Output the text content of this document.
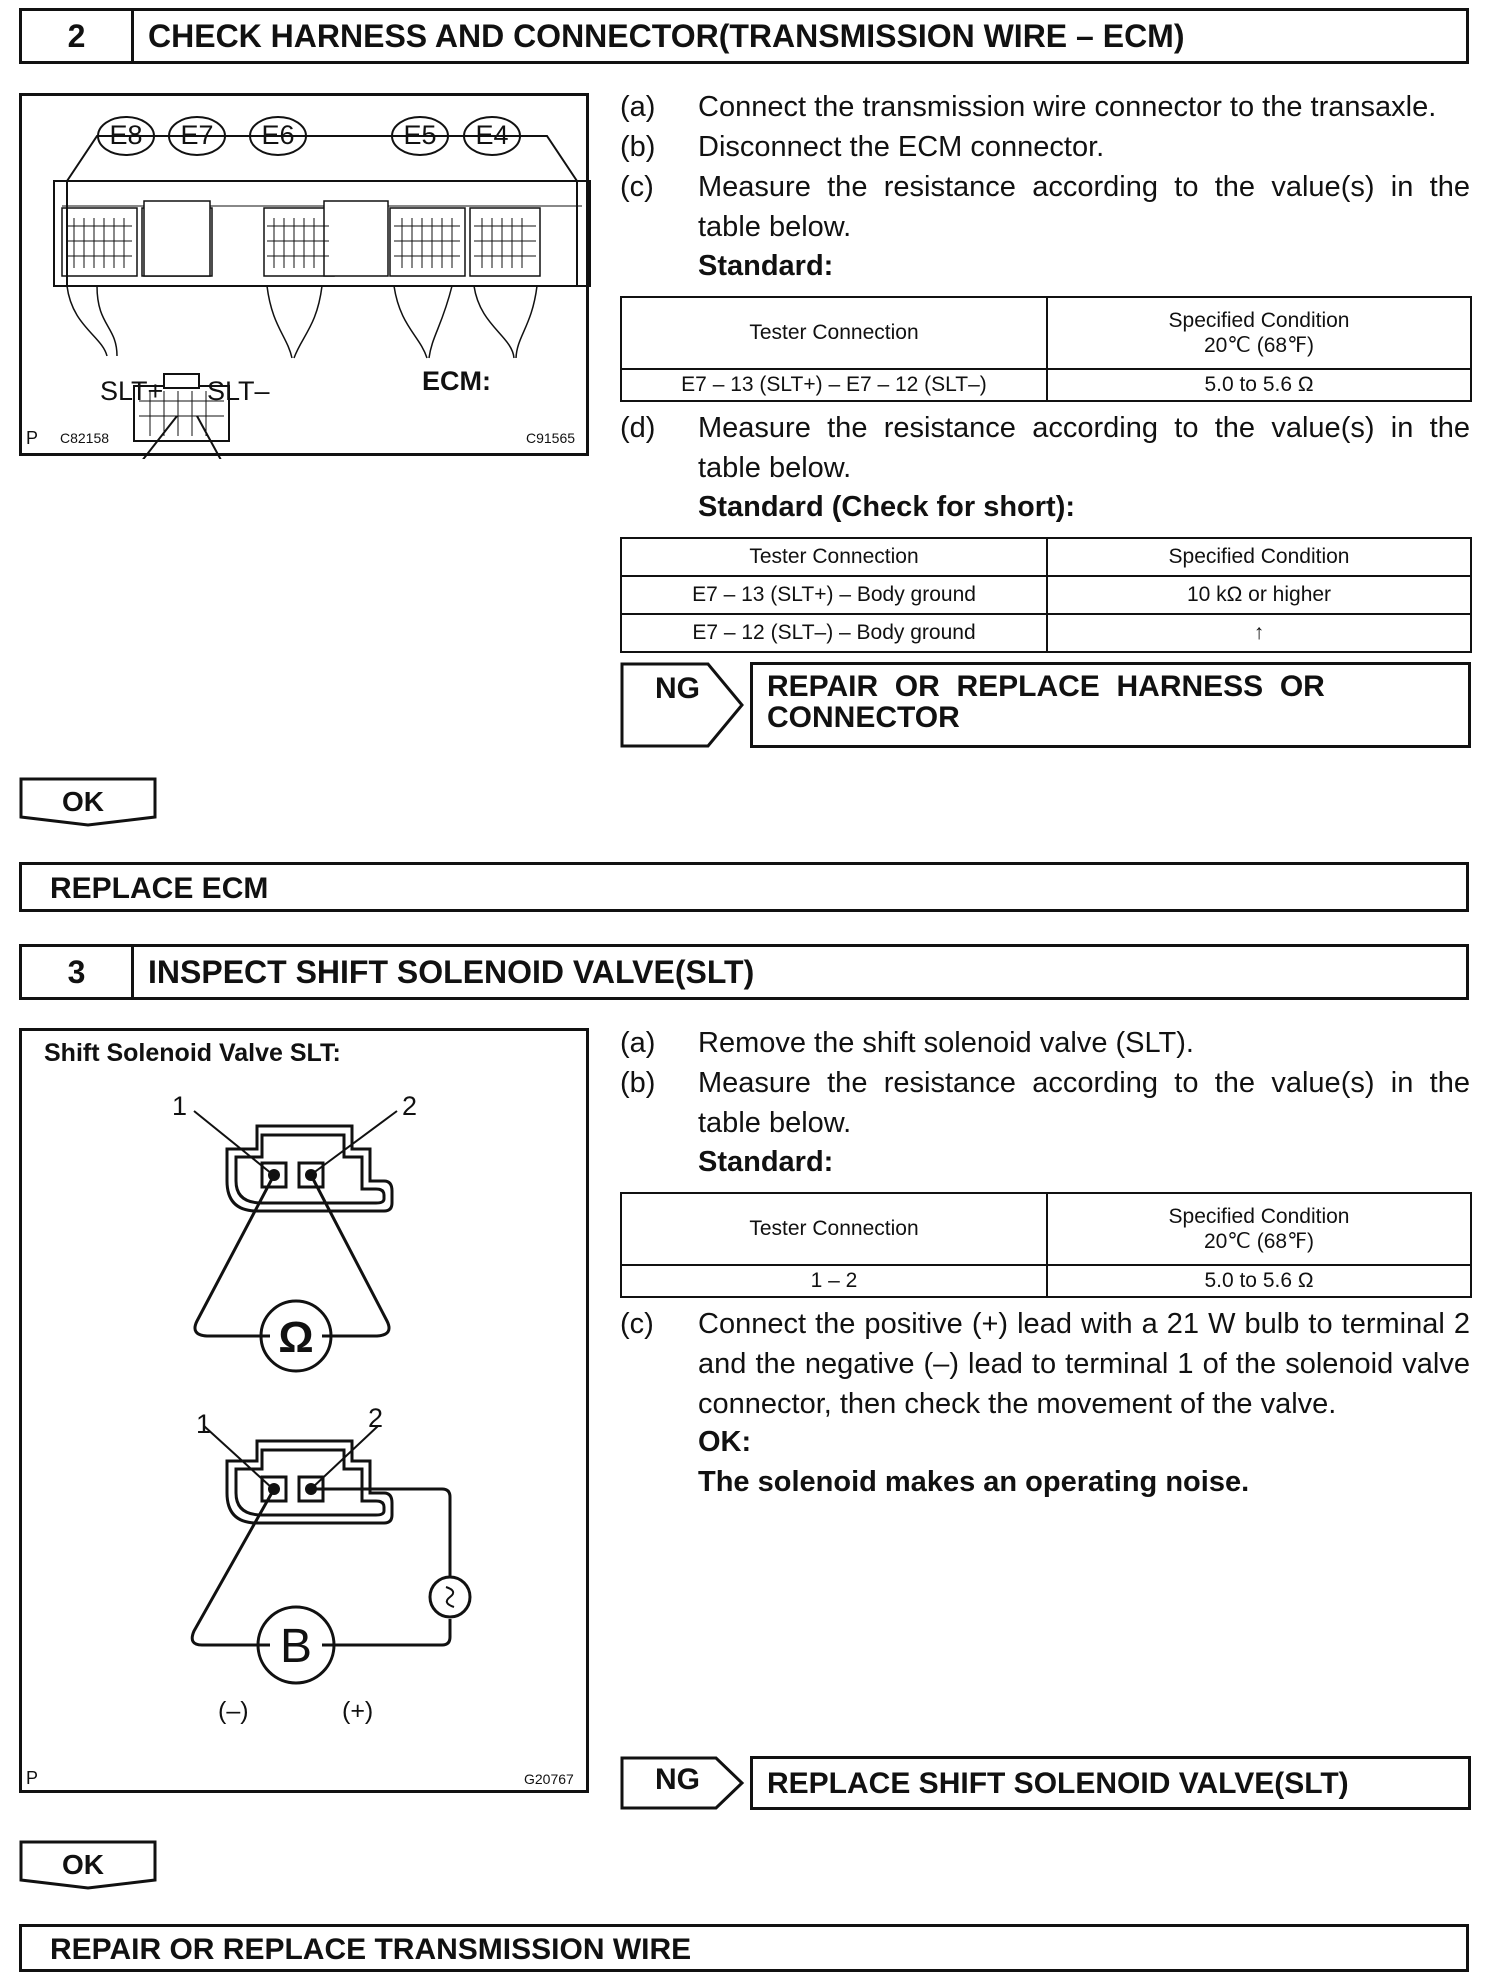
2	CHECK HARNESS AND CONNECTOR(TRANSMISSION WIRE – ECM)
E8 E7 E6	E5 E4
SLT+ SLT–	ECM:
P C82158	C91565
(a)	Connect the transmission wire connector to the transaxle.
(b)	Disconnect the ECM connector.
(c)	Measure the resistance according to the value(s) in the table below.
Standard:
Tester Connection	Specified Condition
20℃ (68℉)

E7 – 13 (SLT+) – E7 – 12 (SLT–)	5.0 to 5.6 Ω
(d)	Measure the resistance according to the value(s) in the table below.
Standard (Check for short):
Tester Connection	Specified Condition
E7 – 13 (SLT+) – Body ground	10 kΩ or higher
E7 – 12 (SLT–) – Body ground	↑
NG REPAIR  OR  REPLACE  HARNESS  OR
CONNECTOR
OK
REPLACE ECM
3	INSPECT SHIFT SOLENOID VALVE(SLT)
Shift Solenoid Valve SLT:
1	2
1	2
Ω
B
(–)	(+)
P	G20767
(a)	Remove the shift solenoid valve (SLT).
(b)	Measure the resistance according to the value(s) in the table below.
Standard:
Tester Connection	Specified Condition
20℃ (68℉)

1 – 2	5.0 to 5.6 Ω
(c)	Connect the positive (+) lead with a 21 W bulb to terminal 2 and the negative (–) lead to terminal 1 of the solenoid valve connector, then check the movement of the valve.
OK:
The solenoid makes an operating noise.
NG REPLACE SHIFT SOLENOID VALVE(SLT)
OK
REPAIR OR REPLACE TRANSMISSION WIRE
